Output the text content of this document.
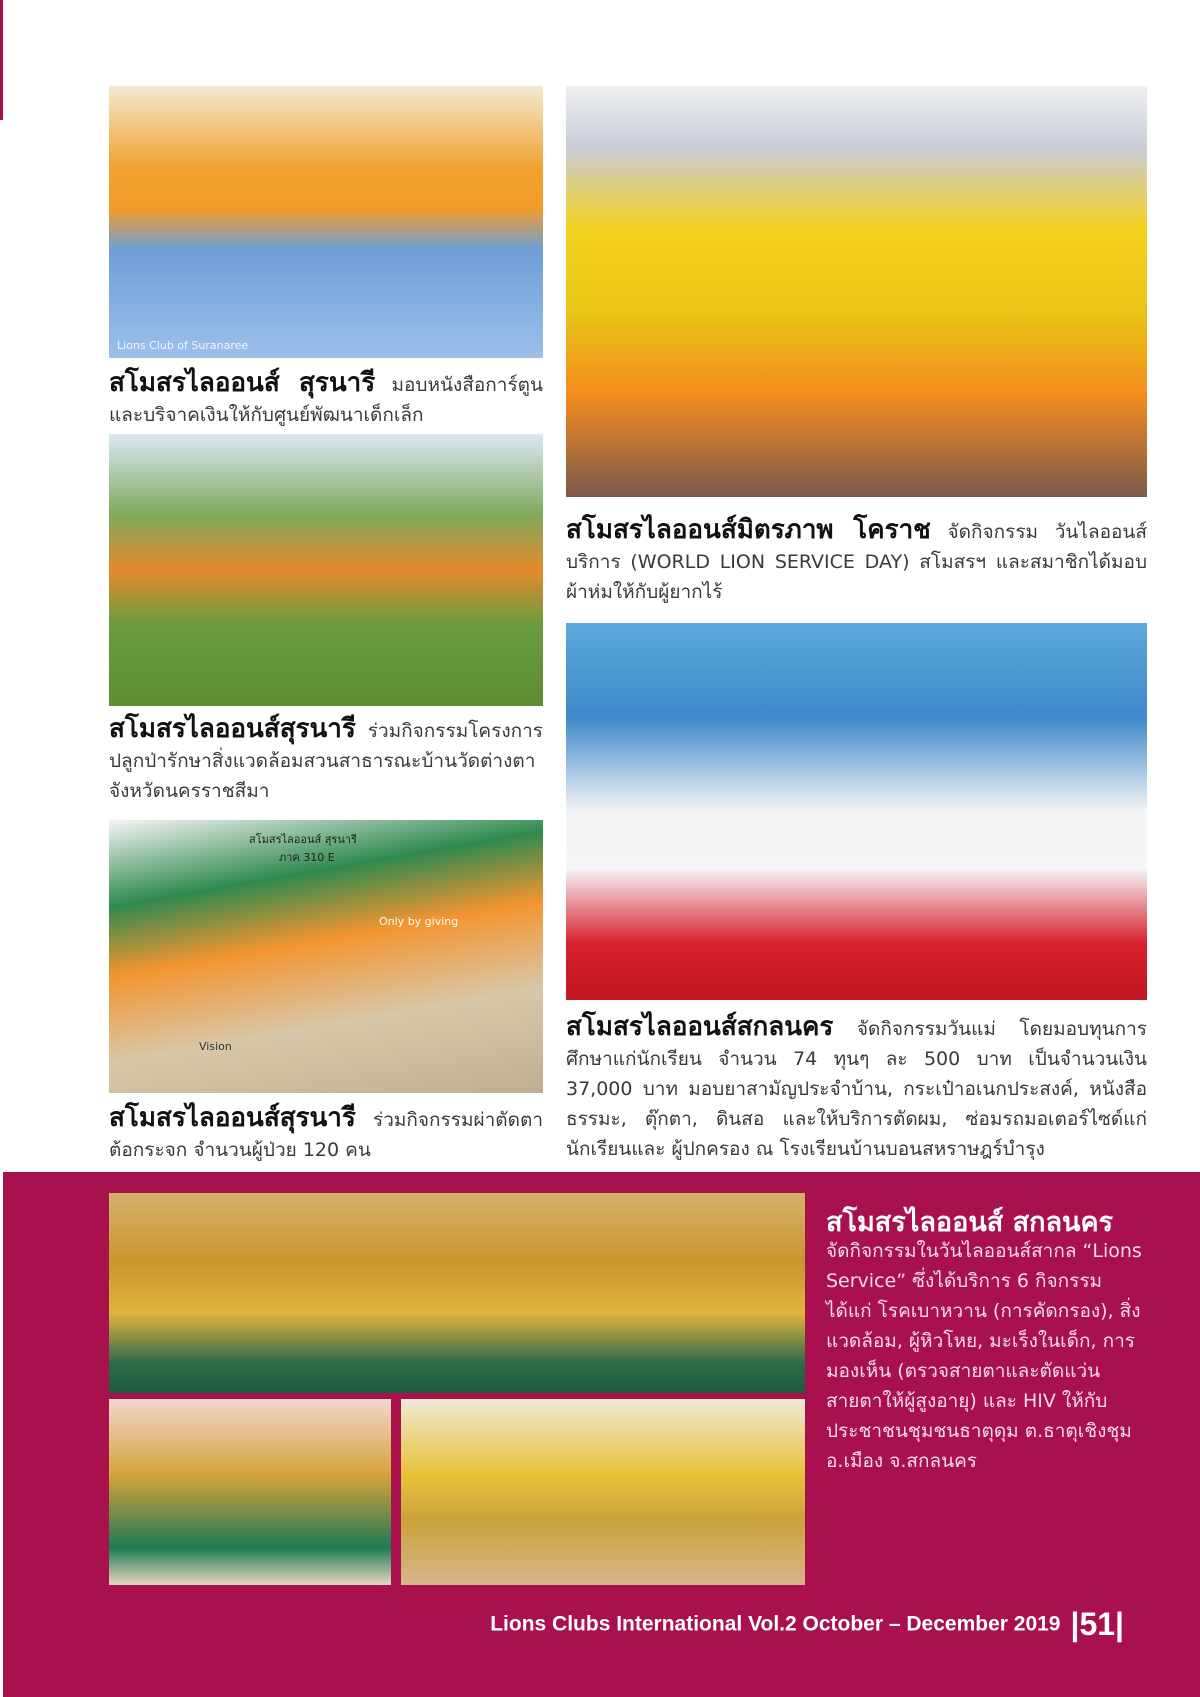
Lions Club of Suranaree
สโมสรไลออนส์ สุรนารี
ภาค 310 E
Vision
Only by giving

สโมสรไลออนส์ สุรนารี มอบหนังสือการ์ตูนและบริจาคเงินให้กับศูนย์พัฒนาเด็กเล็ก

สโมสรไลออนส์มิตรภาพ โคราช จัดกิจกรรม วันไลออนส์บริการ (WORLD LION SERVICE DAY) สโมสรฯ และสมาชิกได้มอบผ้าห่มให้กับผู้ยากไร้

สโมสรไลออนส์สุรนารี ร่วมกิจกรรมโครงการปลูกป่ารักษาสิ่งแวดล้อมสวนสาธารณะบ้านวัดต่างตา จังหวัดนครราชสีมา

สโมสรไลออนส์สกลนคร จัดกิจกรรมวันแม่ โดยมอบทุนการศึกษาแก่นักเรียน จำนวน 74 ทุนๆ ละ 500 บาท เป็นจำนวนเงิน 37,000 บาท มอบยาสามัญประจำบ้าน, กระเป๋าอเนกประสงค์, หนังสือธรรมะ, ตุ๊กตา, ดินสอ และให้บริการตัดผม, ซ่อมรถมอเตอร์ไซด์แก่นักเรียนและ ผู้ปกครอง ณ โรงเรียนบ้านบอนสหราษฎร์บำรุง

สโมสรไลออนส์สุรนารี ร่วมกิจกรรมผ่าตัดตาต้อกระจก จำนวนผู้ป่วย 120 คน

สโมสรไลออนส์ สกลนคร

จัดกิจกรรมในวันไลออนส์สากล “Lions Service” ซึ่งได้บริการ 6 กิจกรรม ได้แก่ โรคเบาหวาน (การคัดกรอง), สิ่งแวดล้อม, ผู้หิวโหย, มะเร็งในเด็ก, การมองเห็น (ตรวจสายตาและตัดแว่นสายตาให้ผู้สูงอายุ) และ HIV ให้กับประชาชนชุมชนธาตุดุม ต.ธาตุเชิงชุม อ.เมือง จ.สกลนคร

Lions Clubs International Vol.2 October – December 2019 |51|
